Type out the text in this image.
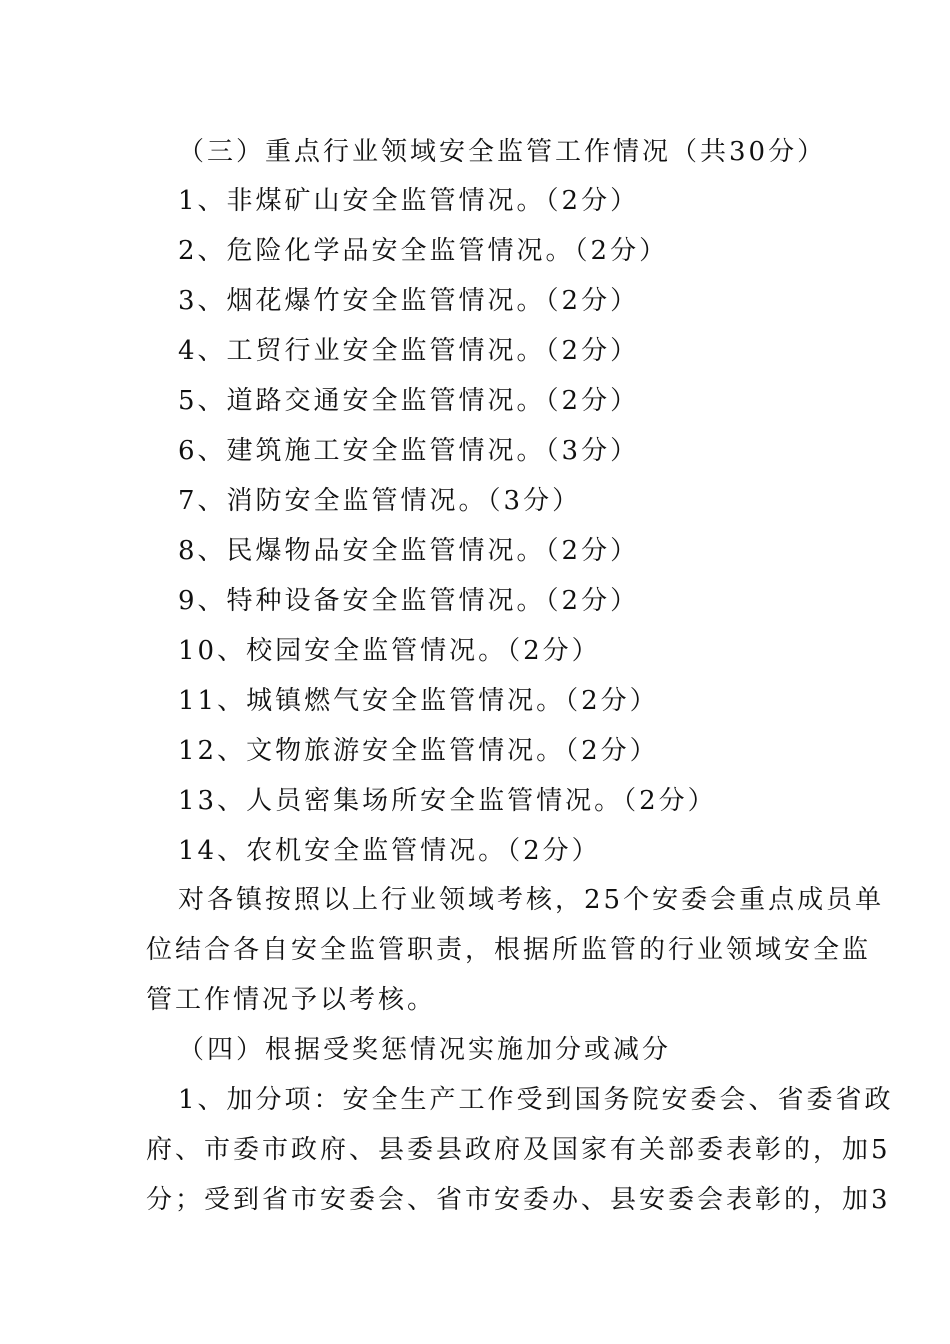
（三）重点行业领域安全监管工作情况（共30分）
1、非煤矿山安全监管情况。（2分）
2、危险化学品安全监管情况。（2分）
3、烟花爆竹安全监管情况。（2分）
4、工贸行业安全监管情况。（2分）
5、道路交通安全监管情况。（2分）
6、建筑施工安全监管情况。（3分）
7、消防安全监管情况。（3分）
8、民爆物品安全监管情况。（2分）
9、特种设备安全监管情况。（2分）
10、校园安全监管情况。（2分）
11、城镇燃气安全监管情况。（2分）
12、文物旅游安全监管情况。（2分）
13、人员密集场所安全监管情况。（2分）
14、农机安全监管情况。（2分）
对各镇按照以上行业领域考核，25个安委会重点成员单
位结合各自安全监管职责，根据所监管的行业领域安全监
管工作情况予以考核。
（四）根据受奖惩情况实施加分或减分
1、加分项：安全生产工作受到国务院安委会、省委省政
府、市委市政府、县委县政府及国家有关部委表彰的，加5
分；受到省市安委会、省市安委办、县安委会表彰的，加3
